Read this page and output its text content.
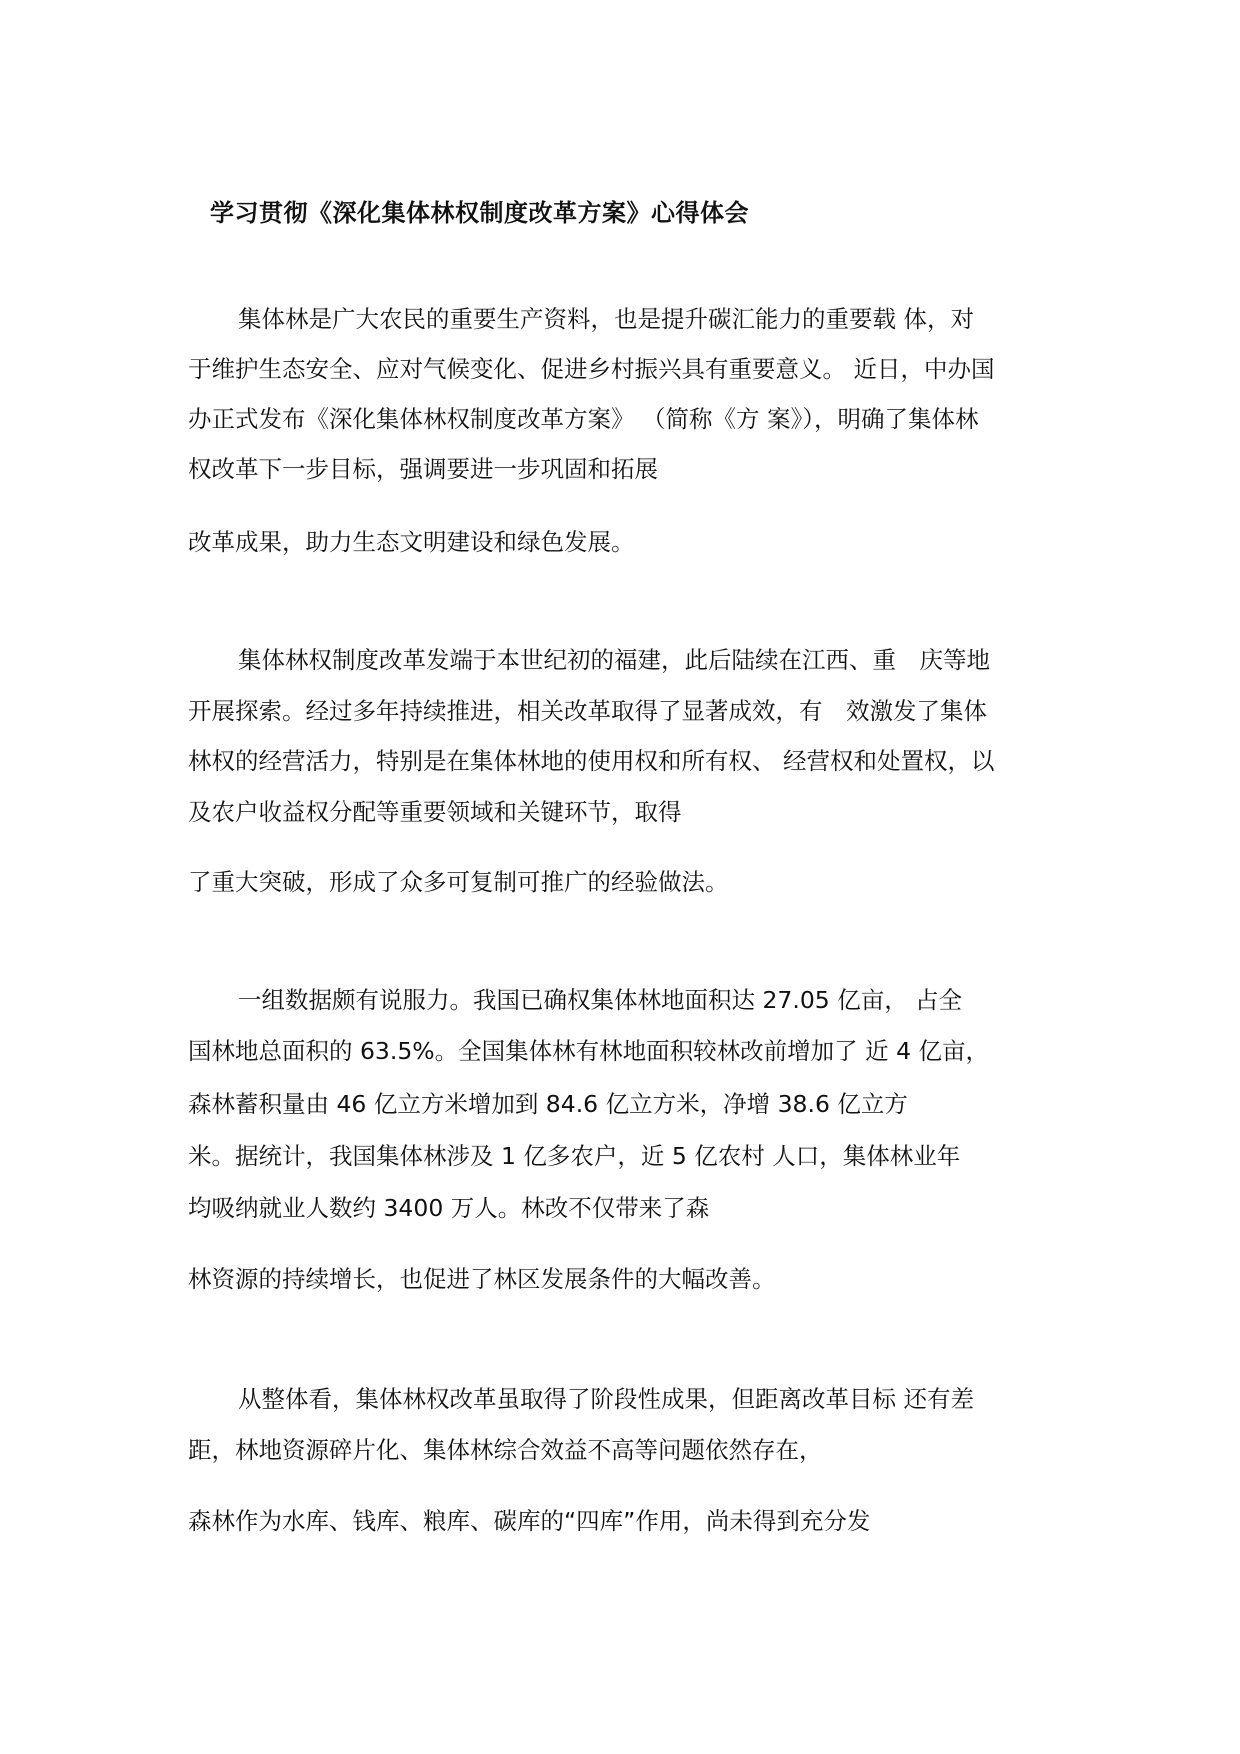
学习贯彻《深化集体林权制度改革方案》心得体会
集体林是广大农民的重要生产资料，也是提升碳汇能力的重要载 体，对
于维护生态安全、应对气候变化、促进乡村振兴具有重要意义。 近日，中办国
办正式发布《深化集体林权制度改革方案》 （简称《方 案》），明确了集体林
权改革下一步目标，强调要进一步巩固和拓展
改革成果，助力生态文明建设和绿色发展。
集体林权制度改革发端于本世纪初的福建，此后陆续在江西、重　庆等地
开展探索。经过多年持续推进，相关改革取得了显著成效，有　效激发了集体
林权的经营活力，特别是在集体林地的使用权和所有权、 经营权和处置权，以
及农户收益权分配等重要领域和关键环节，取得
了重大突破，形成了众多可复制可推广的经验做法。
一组数据颇有说服力。我国已确权集体林地面积达 27.05 亿亩， 占全
国林地总面积的 63.5%。全国集体林有林地面积较林改前增加了 近 4 亿亩，
森林蓄积量由 46 亿立方米增加到 84.6 亿立方米，净增 38.6 亿立方
米。据统计，我国集体林涉及 1 亿多农户，近 5 亿农村 人口，集体林业年
均吸纳就业人数约 3400 万人。林改不仅带来了森
林资源的持续增长，也促进了林区发展条件的大幅改善。
从整体看，集体林权改革虽取得了阶段性成果，但距离改革目标 还有差
距，林地资源碎片化、集体林综合效益不高等问题依然存在，
森林作为水库、钱库、粮库、碳库的“四库”作用，尚未得到充分发
